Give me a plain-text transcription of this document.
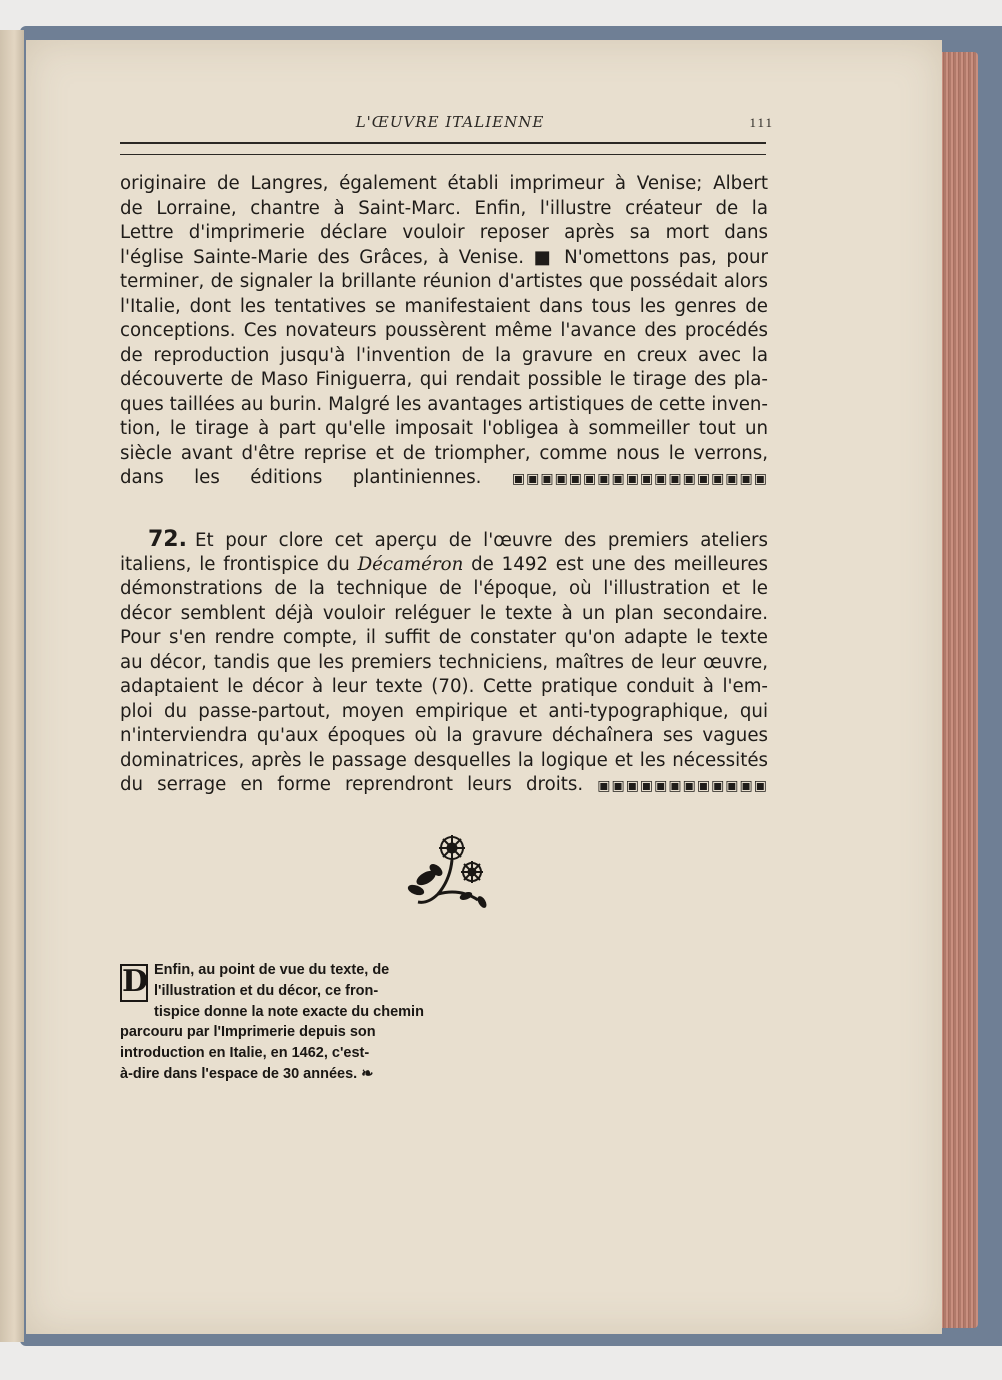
L'ŒUVRE ITALIENNE	111
originaire de Langres, également établi imprimeur à Venise; Albert
de Lorraine, chantre à Saint-Marc. Enfin, l'illustre créateur de la
Lettre d'imprimerie déclare vouloir reposer après sa mort dans
l'église Sainte-Marie des Grâces, à Venise. ■ N'omettons pas, pour
terminer, de signaler la brillante réunion d'artistes que possédait alors
l'Italie, dont les tentatives se manifestaient dans tous les genres de
conceptions. Ces novateurs poussèrent même l'avance des procédés
de reproduction jusqu'à l'invention de la gravure en creux avec la
découverte de Maso Finiguerra, qui rendait possible le tirage des pla-
ques taillées au burin. Malgré les avantages artistiques de cette inven-
tion, le tirage à part qu'elle imposait l'obligea à sommeiller tout un
siècle avant d'être reprise et de triompher, comme nous le verrons,
dans les éditions plantiniennes. ▣▣▣▣▣▣▣▣▣▣▣▣▣▣▣▣▣▣
72. Et pour clore cet aperçu de l'œuvre des premiers ateliers
italiens, le frontispice du Décaméron de 1492 est une des meilleures
démonstrations de la technique de l'époque, où l'illustration et le
décor semblent déjà vouloir reléguer le texte à un plan secondaire.
Pour s'en rendre compte, il suffit de constater qu'on adapte le texte
au décor, tandis que les premiers techniciens, maîtres de leur œuvre,
adaptaient le décor à leur texte (70). Cette pratique conduit à l'em-
ploi du passe-partout, moyen empirique et anti-typographique, qui
n'interviendra qu'aux époques où la gravure déchaînera ses vagues
dominatrices, après le passage desquelles la logique et les nécessités
du serrage en forme reprendront leurs droits. ▣▣▣▣▣▣▣▣▣▣▣▣
D Enfin, au point de vue du texte, de
l'illustration et du décor, ce fron-
tispice donne la note exacte du chemin
parcouru par l'Imprimerie depuis son
introduction en Italie, en 1462, c'est-
à-dire dans l'espace de 30 années. ❧
